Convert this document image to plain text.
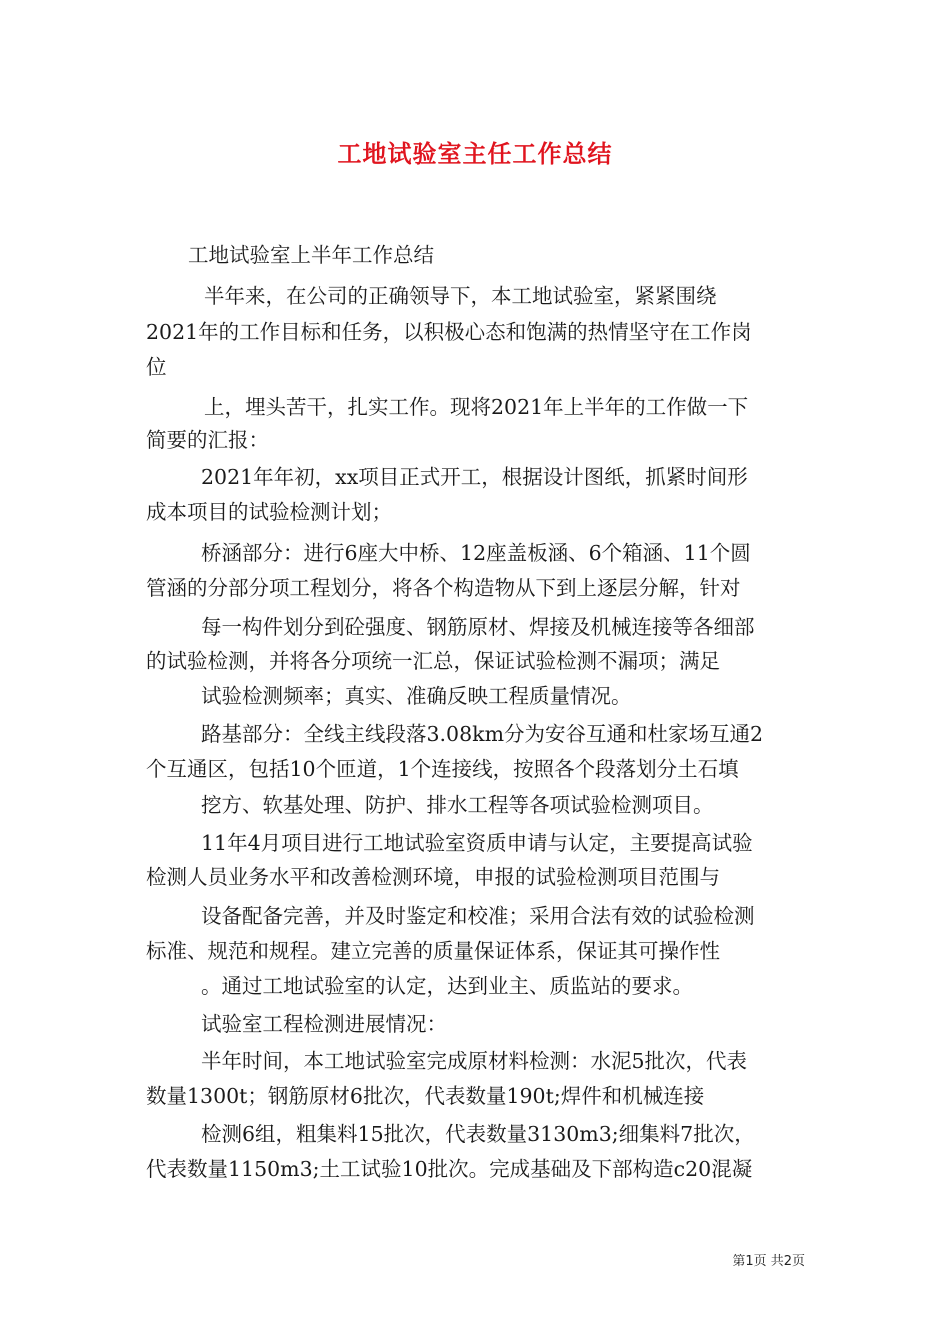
工地试验室主任工作总结
工地试验室上半年工作总结
半年来，在公司的正确领导下，本工地试验室，紧紧围绕
2021年的工作目标和任务，以积极心态和饱满的热情坚守在工作岗
位
上，埋头苦干，扎实工作。现将2021年上半年的工作做一下
简要的汇报：
2021年年初，xx项目正式开工，根据设计图纸，抓紧时间形
成本项目的试验检测计划；
桥涵部分：进行6座大中桥、12座盖板涵、6个箱涵、11个圆
管涵的分部分项工程划分，将各个构造物从下到上逐层分解，针对
每一构件划分到砼强度、钢筋原材、焊接及机械连接等各细部
的试验检测，并将各分项统一汇总，保证试验检测不漏项；满足
试验检测频率；真实、准确反映工程质量情况。
路基部分：全线主线段落3.08km分为安谷互通和杜家场互通2
个互通区，包括10个匝道，1个连接线，按照各个段落划分土石填
挖方、软基处理、防护、排水工程等各项试验检测项目。
11年4月项目进行工地试验室资质申请与认定，主要提高试验
检测人员业务水平和改善检测环境，申报的试验检测项目范围与
设备配备完善，并及时鉴定和校准；采用合法有效的试验检测
标准、规范和规程。建立完善的质量保证体系，保证其可操作性
。通过工地试验室的认定，达到业主、质监站的要求。
试验室工程检测进展情况：
半年时间，本工地试验室完成原材料检测：水泥5批次，代表
数量1300t；钢筋原材6批次，代表数量190t;焊件和机械连接
检测6组，粗集料15批次，代表数量3130m3;细集料7批次，
代表数量1150m3;土工试验10批次。完成基础及下部构造c20混凝
第1页 共2页
